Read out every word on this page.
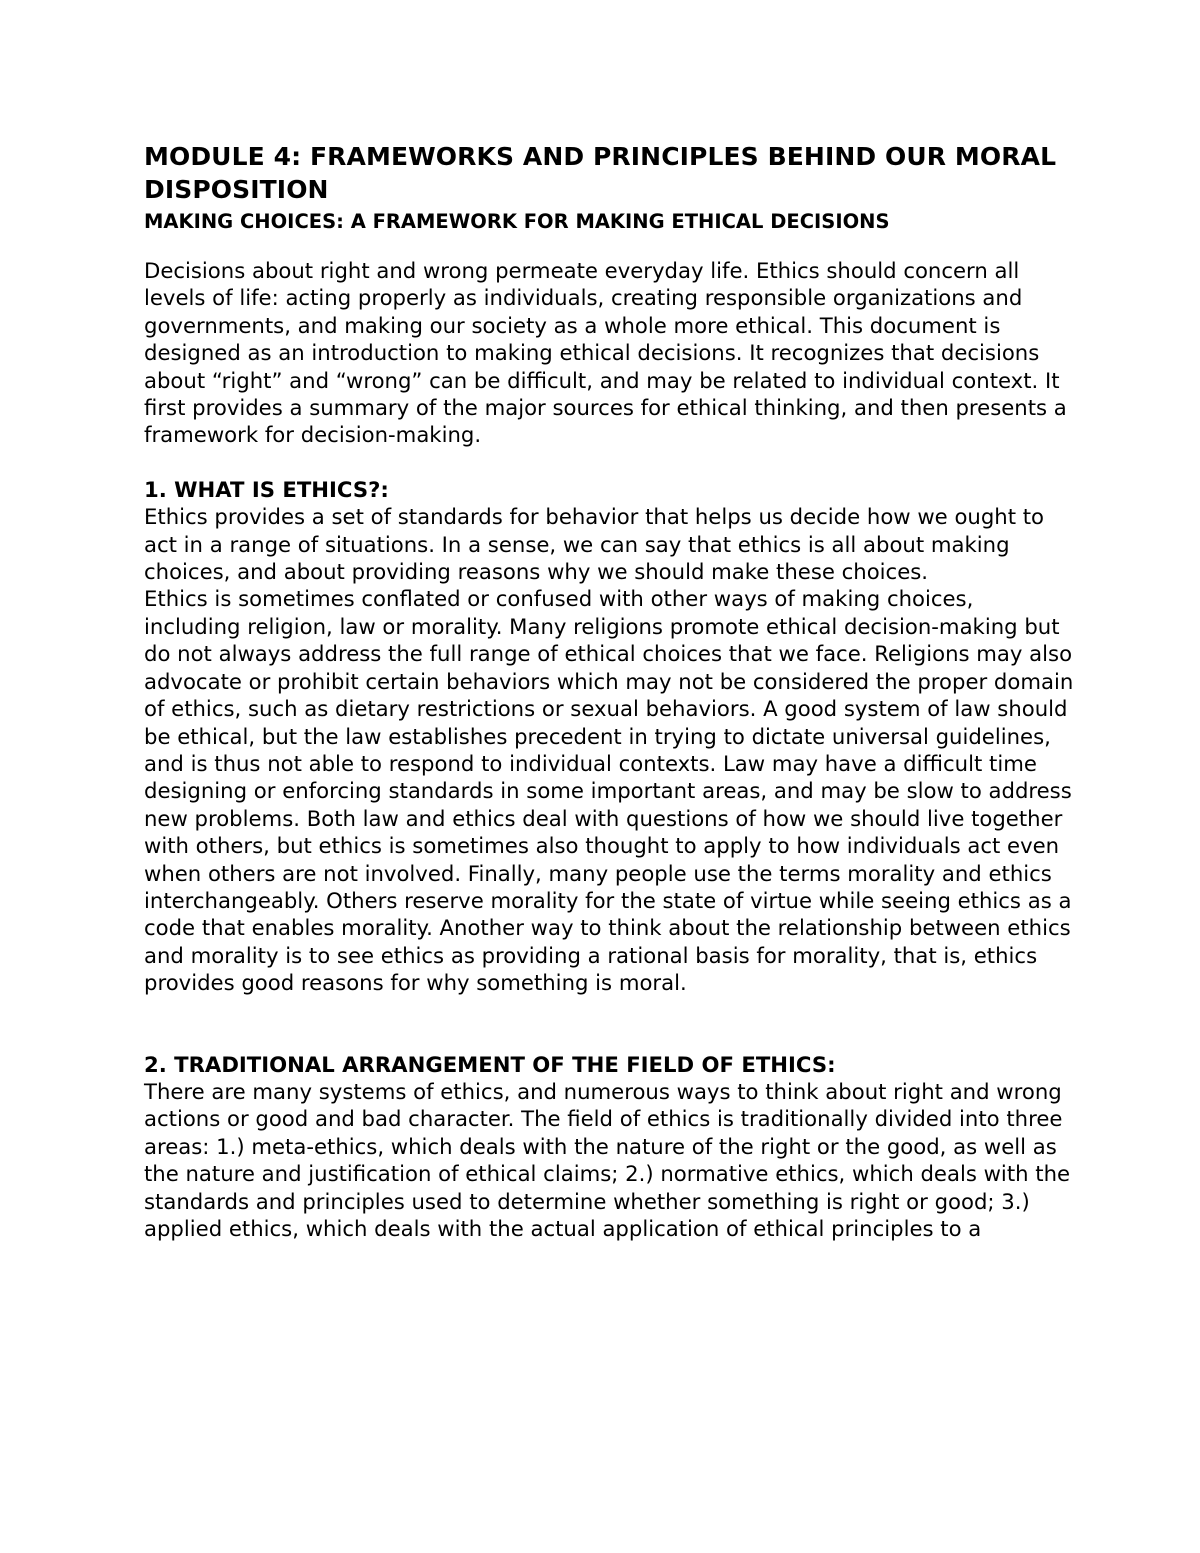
MODULE 4: FRAMEWORKS AND PRINCIPLES BEHIND OUR MORAL DISPOSITION
MAKING CHOICES: A FRAMEWORK FOR MAKING ETHICAL DECISIONS

Decisions about right and wrong permeate everyday life. Ethics should concern all levels of life: acting properly as individuals, creating responsible organizations and governments, and making our society as a whole more ethical. This document is designed as an introduction to making ethical decisions. It recognizes that decisions about “right” and “wrong” can be difficult, and may be related to individual context. It first provides a summary of the major sources for ethical thinking, and then presents a framework for decision-making.

1. WHAT IS ETHICS?:

Ethics provides a set of standards for behavior that helps us decide how we ought to act in a range of situations. In a sense, we can say that ethics is all about making choices, and about providing reasons why we should make these choices.

Ethics is sometimes conflated or confused with other ways of making choices, including religion, law or morality. Many religions promote ethical decision-making but do not always address the full range of ethical choices that we face. Religions may also advocate or prohibit certain behaviors which may not be considered the proper domain of ethics, such as dietary restrictions or sexual behaviors. A good system of law should be ethical, but the law establishes precedent in trying to dictate universal guidelines, and is thus not able to respond to individual contexts. Law may have a difficult time designing or enforcing standards in some important areas, and may be slow to address new problems. Both law and ethics deal with questions of how we should live together with others, but ethics is sometimes also thought to apply to how individuals act even when others are not involved. Finally, many people use the terms morality and ethics interchangeably. Others reserve morality for the state of virtue while seeing ethics as a code that enables morality. Another way to think about the relationship between ethics and morality is to see ethics as providing a rational basis for morality, that is, ethics provides good reasons for why something is moral.

2. TRADITIONAL ARRANGEMENT OF THE FIELD OF ETHICS:

There are many systems of ethics, and numerous ways to think about right and wrong actions or good and bad character. The field of ethics is traditionally divided into three areas: 1.) meta-ethics, which deals with the nature of the right or the good, as well as the nature and justification of ethical claims; 2.) normative ethics, which deals with the standards and principles used to determine whether something is right or good; 3.) applied ethics, which deals with the actual application of ethical principles to a
